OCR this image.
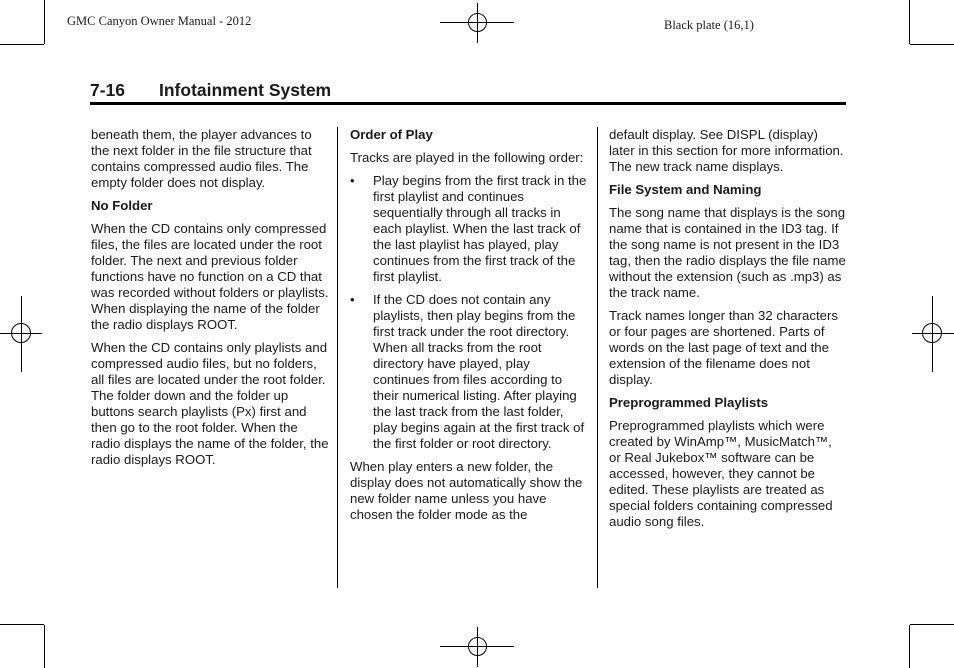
GMC Canyon Owner Manual - 2012	Black plate (16,1)
7-16 Infotainment System

beneath them, the player advances to the next folder in the file structure that contains compressed audio files. The empty folder does not display.

No Folder

When the CD contains only compressed files, the files are located under the root folder. The next and previous folder functions have no function on a CD that was recorded without folders or playlists. When displaying the name of the folder the radio displays ROOT.

When the CD contains only playlists and compressed audio files, but no folders, all files are located under the root folder. The folder down and the folder up buttons search playlists (Px) first and then go to the root folder. When the radio displays the name of the folder, the radio displays ROOT.

Order of Play

Tracks are played in the following order:

• Play begins from the first track in the first playlist and continues sequentially through all tracks in each playlist. When the last track of the last playlist has played, play continues from the first track of the first playlist.
• If the CD does not contain any playlists, then play begins from the first track under the root directory. When all tracks from the root directory have played, play continues from files according to their numerical listing. After playing the last track from the last folder, play begins again at the first track of the first folder or root directory.

When play enters a new folder, the display does not automatically show the new folder name unless you have chosen the folder mode as the

default display. See DISPL (display) later in this section for more information. The new track name displays.

File System and Naming

The song name that displays is the song name that is contained in the ID3 tag. If the song name is not present in the ID3 tag, then the radio displays the file name without the extension (such as .mp3) as the track name.

Track names longer than 32 characters or four pages are shortened. Parts of words on the last page of text and the extension of the filename does not display.

Preprogrammed Playlists

Preprogrammed playlists which were created by WinAmp™, MusicMatch™, or Real Jukebox™ software can be accessed, however, they cannot be edited. These playlists are treated as special folders containing compressed audio song files.
